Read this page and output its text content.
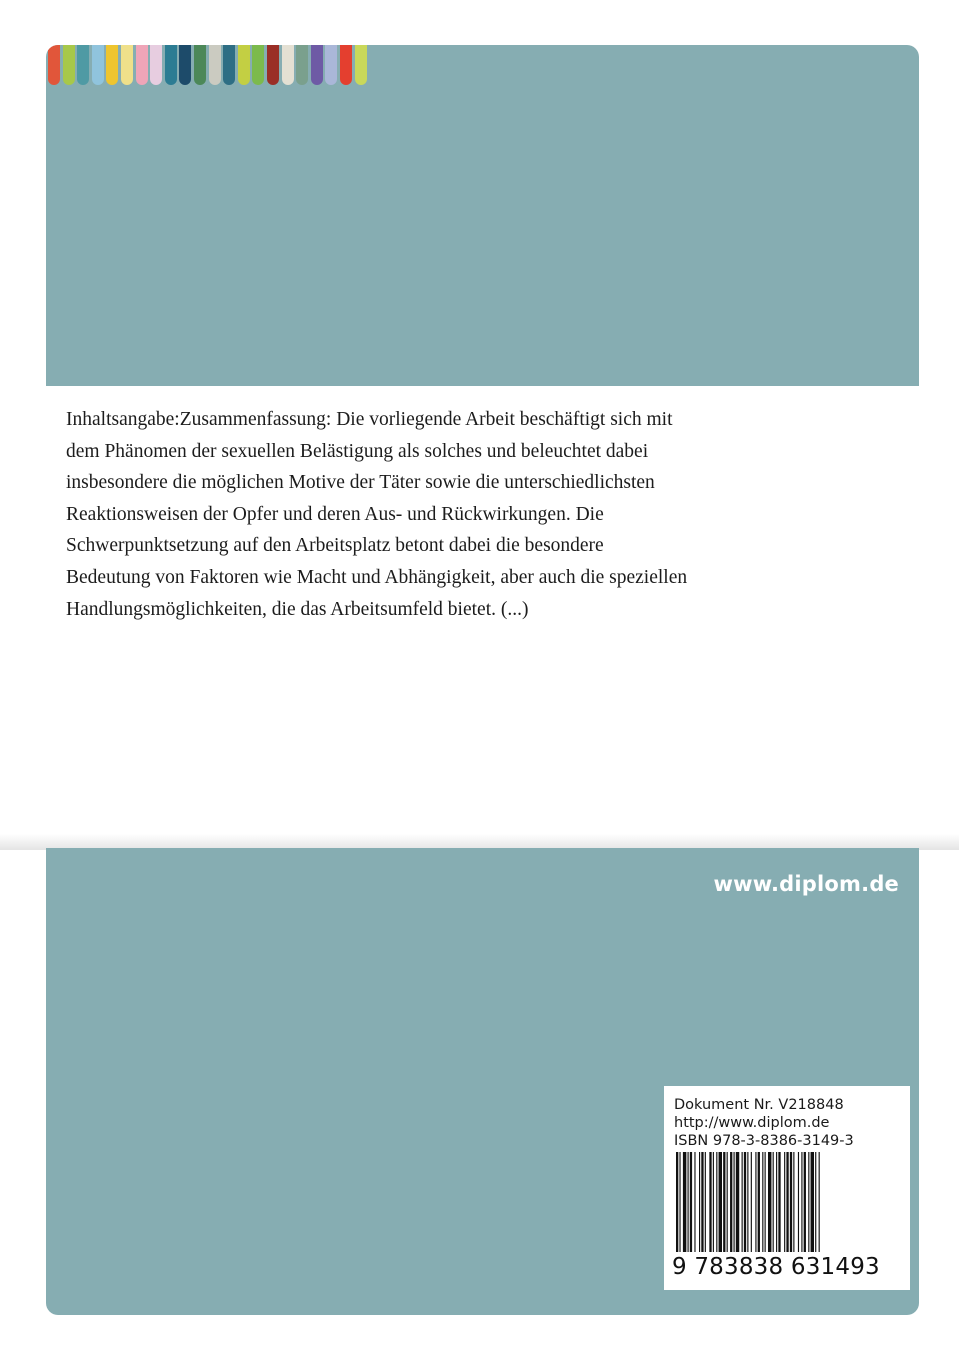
Inhaltsangabe:Zusammenfassung: Die vorliegende Arbeit beschäftigt sich mit
dem Phänomen der sexuellen Belästigung als solches und beleuchtet dabei
insbesondere die möglichen Motive der Täter sowie die unterschiedlichsten
Reaktionsweisen der Opfer und deren Aus- und Rückwirkungen. Die
Schwerpunktsetzung auf den Arbeitsplatz betont dabei die besondere
Bedeutung von Faktoren wie Macht und Abhängigkeit, aber auch die speziellen
Handlungsmöglichkeiten, die das Arbeitsumfeld bietet. (...)

www.diplom.de

Dokument Nr. V218848
http://www.diplom.de
ISBN 978-3-8386-3149-3

9 783838 631493
